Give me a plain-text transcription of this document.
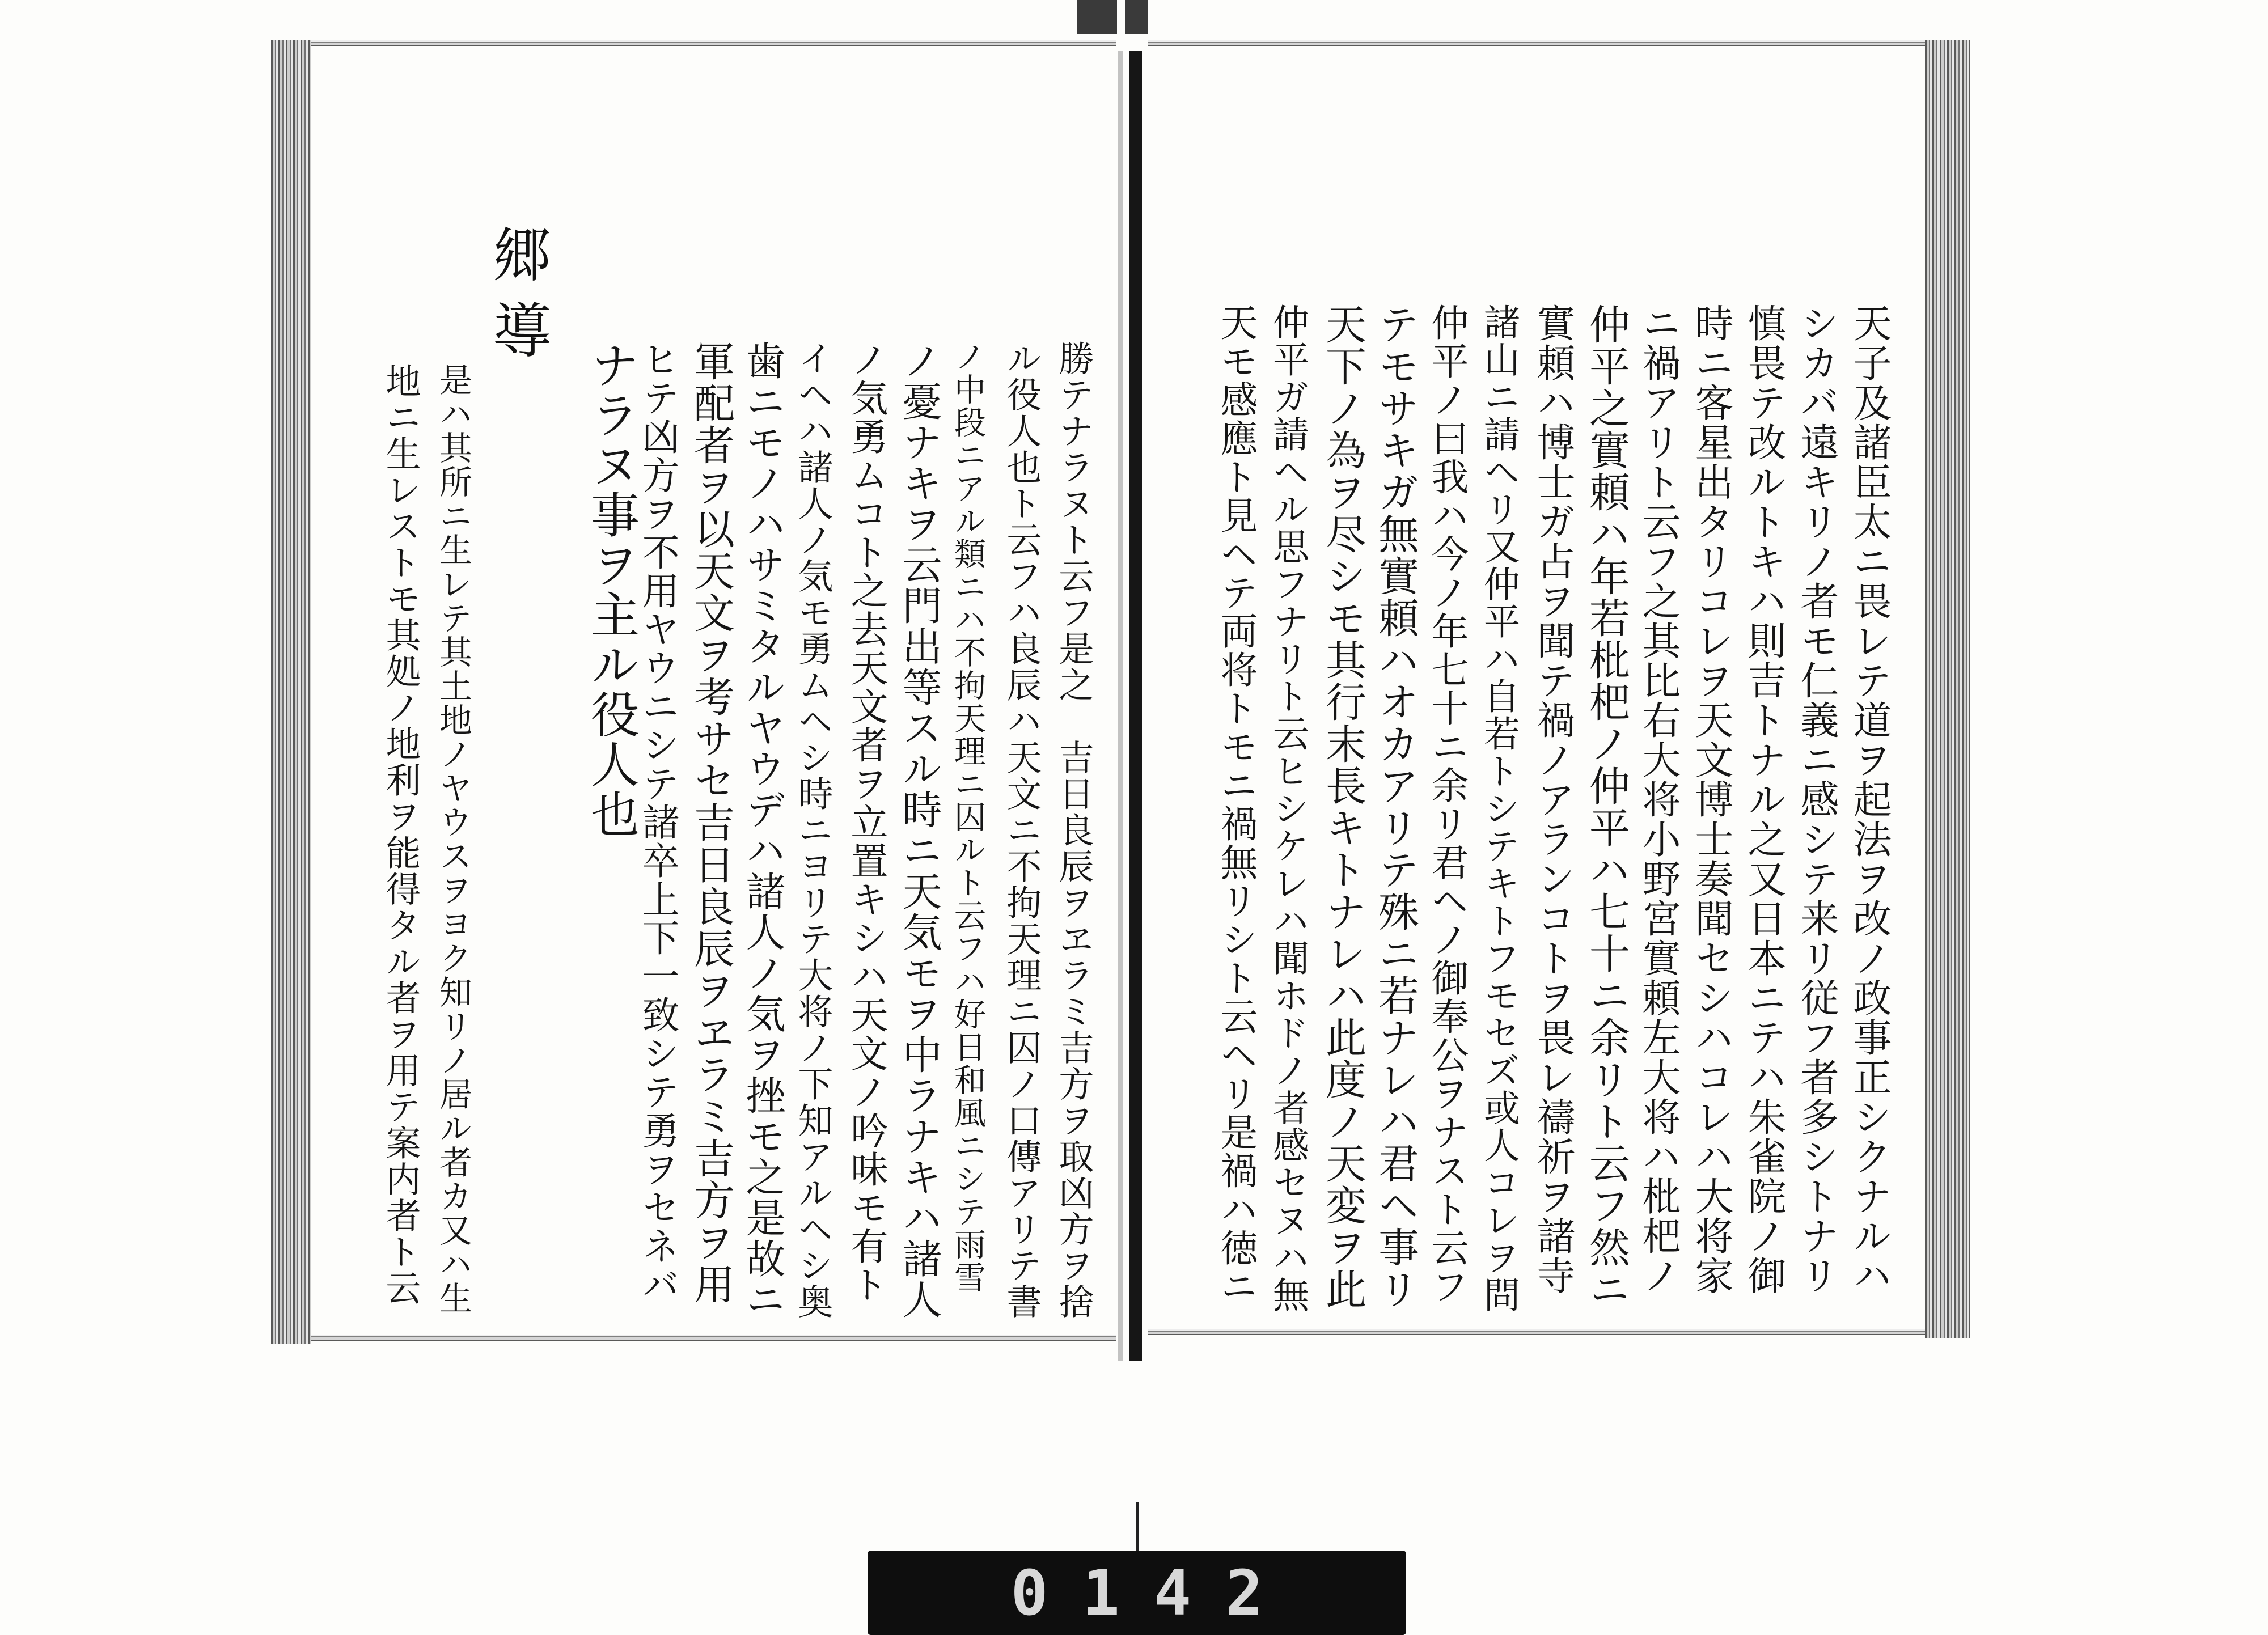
天子及諸臣太ニ畏レテ道ヲ起法ヲ改ノ政事正シクナルハ
シカバ遠キリノ者モ仁義ニ感シテ来リ従フ者多シトナリ
慎畏テ改ルトキハ則吉トナル之又日本ニテハ朱雀院ノ御
時ニ客星出タリコレヲ天文博士奏聞セシハコレハ大将家
ニ禍アリト云フ之其比右大将小野宮實頼左大将ハ枇杷ノ
仲平之實頼ハ年若枇杷ノ仲平ハ七十ニ余リト云フ然ニ
實頼ハ博士ガ占ヲ聞テ禍ノアランコトヲ畏レ禱祈ヲ諸寺
諸山ニ請ヘリ又仲平ハ自若トシテキトフモセズ或人コレヲ問
仲平ノ曰我ハ今ノ年七十ニ余リ君ヘノ御奉公ヲナスト云フ
テモサキガ無實頼ハオカアリテ殊ニ若ナレハ君ヘ事リ
天下ノ為ヲ尽シモ其行末長キトナレハ此度ノ天変ヲ此
仲平ガ請ヘル思フナリト云ヒシケレハ聞ホドノ者感セヌハ無
天モ感應ト見ヘテ両将トモニ禍無リシト云ヘリ是禍ハ徳ニ
勝テナラヌト云フ是之　吉日良辰ヲヱラミ吉方ヲ取凶方ヲ捨
ル役人也ト云フハ良辰ハ天文ニ不拘天理ニ囚ノ口傳アリテ書
ノ中段ニアル類ニハ不拘天理ニ囚ルト云フハ好日和風ニシテ雨雪
ノ憂ナキヲ云門出等スル時ニ天気モヲ中ラナキハ諸人
ノ気勇ムコト之去天文者ヲ立置キシハ天文ノ吟味モ有ト
イヘハ諸人ノ気モ勇ムヘシ時ニヨリテ大将ノ下知アルヘシ奥
歯ニモノハサミタルヤウデハ諸人ノ気ヲ挫モ之是故ニ
軍配者ヲ以天文ヲ考サセ吉日良辰ヲヱラミ吉方ヲ用
ヒテ凶方ヲ不用ヤウニシテ諸卒上下一致シテ勇ヲセネバ
ナラヌ事ヲ主ル役人也
郷導
是ハ其所ニ生レテ其土地ノヤウスヲヨク知リノ居ル者カ又ハ生
地ニ生レストモ其処ノ地利ヲ能得タル者ヲ用テ案内者ト云
0142
